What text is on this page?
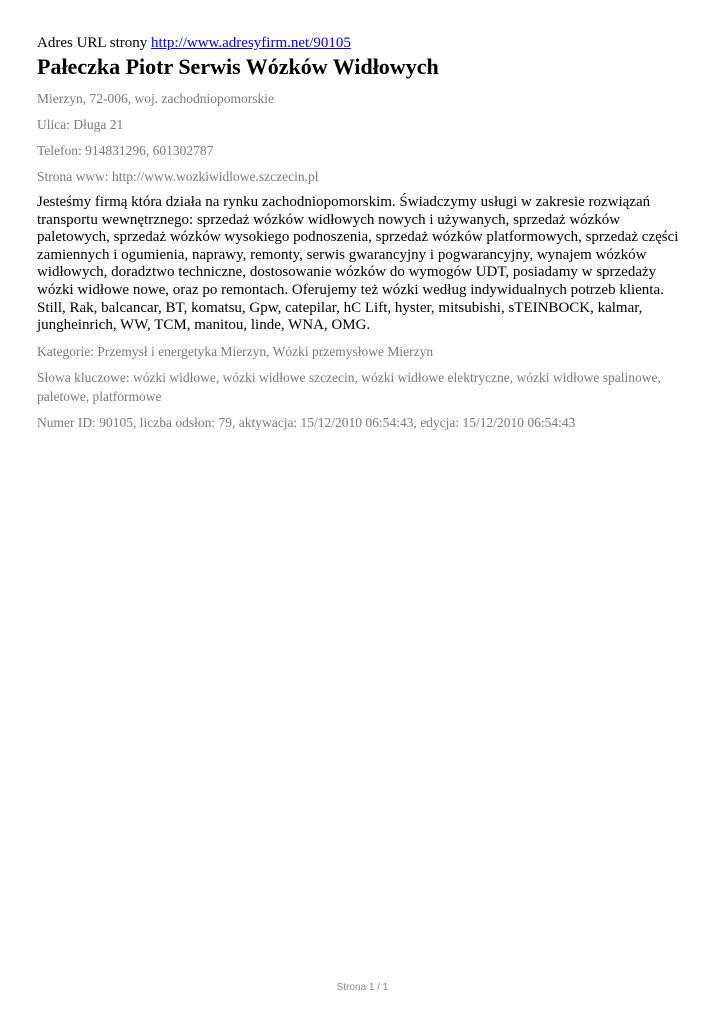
Adres URL strony http://www.adresyfirm.net/90105

Pałeczka Piotr Serwis Wózków Widłowych

Mierzyn, 72-006, woj. zachodniopomorskie

Ulica: Długa 21

Telefon: 914831296, 601302787

Strona www: http://www.wozkiwidlowe.szczecin.pl

Jesteśmy firmą która działa na rynku zachodniopomorskim. Świadczymy usługi w zakresie rozwiązań transportu wewnętrznego: sprzedaż wózków widłowych nowych i używanych, sprzedaż wózków paletowych, sprzedaż wózków wysokiego podnoszenia, sprzedaż wózków platformowych, sprzedaż części zamiennych i ogumienia, naprawy, remonty, serwis gwarancyjny i pogwarancyjny, wynajem wózków widłowych, doradztwo techniczne, dostosowanie wózków do wymogów UDT, posiadamy w sprzedaży wózki widłowe nowe, oraz po remontach. Oferujemy też wózki według indywidualnych potrzeb klienta. Still, Rak, balcancar, BT, komatsu, Gpw, catepilar, hC Lift, hyster, mitsubishi, sTEINBOCK, kalmar, jungheinrich, WW, TCM, manitou, linde, WNA, OMG.

Kategorie: Przemysł i energetyka Mierzyn, Wózki przemysłowe Mierzyn

Słowa kluczowe: wózki widłowe, wózki widłowe szczecin, wózki widłowe elektryczne, wózki widłowe spalinowe, paletowe, platformowe

Numer ID: 90105, liczba odsłon: 79, aktywacja: 15/12/2010 06:54:43, edycja: 15/12/2010 06:54:43

Strona 1 / 1
